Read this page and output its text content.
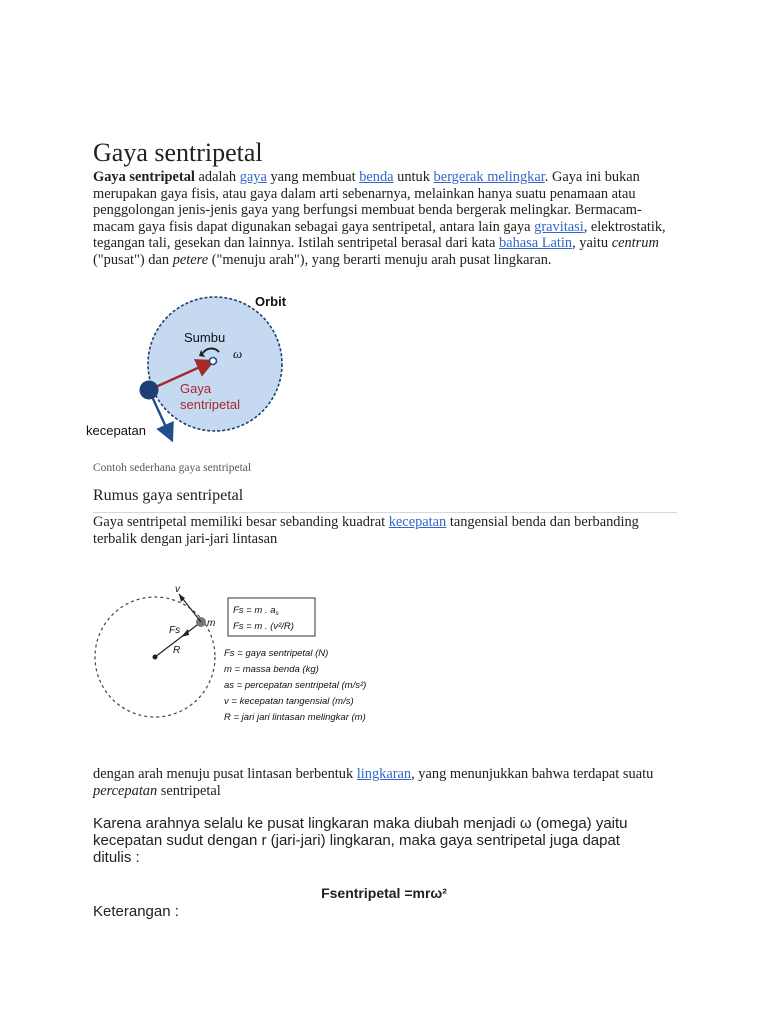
Gaya sentripetal
Gaya sentripetal adalah gaya yang membuat benda untuk bergerak melingkar. Gaya ini bukan merupakan gaya fisis, atau gaya dalam arti sebenarnya, melainkan hanya suatu penamaan atau penggolongan jenis-jenis gaya yang berfungsi membuat benda bergerak melingkar. Bermacam-macam gaya fisis dapat digunakan sebagai gaya sentripetal, antara lain gaya gravitasi, elektrostatik, tegangan tali, gesekan dan lainnya. Istilah sentripetal berasal dari kata bahasa Latin, yaitu centrum ("pusat") dan petere ("menuju arah"), yang berarti menuju arah pusat lingkaran.
Orbit
Sumbu
ω
Gaya
sentripetal
kecepatan
Contoh sederhana gaya sentripetal
Rumus gaya sentripetal
Gaya sentripetal memiliki besar sebanding kuadrat kecepatan tangensial benda dan berbanding terbalik dengan jari-jari lintasan
v
m
Fs
R
Fs = m . $a_s$
Fs = m . (v²/R)
Fs = gaya sentripetal (N)
m = massa benda (kg)
as = percepatan sentripetal (m/s²)
v = kecepatan tangensial (m/s)
R = jari jari lintasan melingkar (m)
dengan arah menuju pusat lintasan berbentuk lingkaran, yang menunjukkan bahwa terdapat suatu percepatan sentripetal
Karena arahnya selalu ke pusat lingkaran maka diubah menjadi ω (omega) yaitu kecepatan sudut dengan r (jari-jari) lingkaran, maka gaya sentripetal juga dapat ditulis :
Fsentripetal =mrω²
Keterangan :
